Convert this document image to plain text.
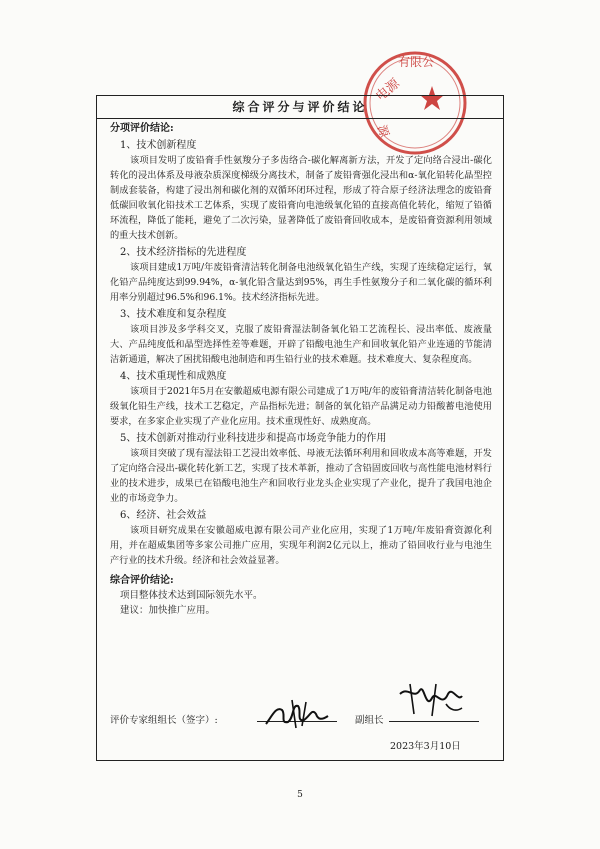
电源
有限公
源
综合评分与评价结论

分项评价结论:

1、技术创新程度

该项目发明了废铅膏手性氨羧分子多齿络合-碳化解离新方法，开发了定向络合浸出-碳化转化的浸出体系及母液杂质深度梯级分离技术，制备了废铅膏强化浸出和α-氧化铅转化晶型控制成套装备，构建了浸出剂和碳化剂的双循环闭环过程，形成了符合原子经济法理念的废铅膏低碳回收氧化铅技术工艺体系，实现了废铅膏向电池级氧化铅的直接高值化转化，缩短了铅循环流程，降低了能耗，避免了二次污染，显著降低了废铅膏回收成本，是废铅膏资源利用领域的重大技术创新。

2、技术经济指标的先进程度

该项目建成1万吨/年废铅膏清洁转化制备电池级氧化铅生产线，实现了连续稳定运行，氧化铅产品纯度达到99.94%，α-氧化铅含量达到95%，再生手性氨羧分子和二氧化碳的循环利用率分别超过96.5%和96.1%。技术经济指标先进。

3、技术难度和复杂程度

该项目涉及多学科交叉，克服了废铅膏湿法制备氧化铅工艺流程长、浸出率低、废液量大、产品纯度低和晶型选择性差等难题，开辟了铅酸电池生产和回收氧化铅产业连通的节能清洁新通道，解决了困扰铅酸电池制造和再生铅行业的技术难题。技术难度大、复杂程度高。

4、技术重现性和成熟度

该项目于2021年5月在安徽超威电源有限公司建成了1万吨/年的废铅膏清洁转化制备电池级氧化铅生产线，技术工艺稳定，产品指标先进；制备的氧化铅产品满足动力铅酸蓄电池使用要求，在多家企业实现了产业化应用。技术重现性好、成熟度高。

5、技术创新对推动行业科技进步和提高市场竞争能力的作用

该项目突破了现有湿法铅工艺浸出效率低、母液无法循环利用和回收成本高等难题，开发了定向络合浸出-碳化转化新工艺，实现了技术革新，推动了含铅固废回收与高性能电池材料行业的技术进步，成果已在铅酸电池生产和回收行业龙头企业实现了产业化，提升了我国电池企业的市场竞争力。

6、经济、社会效益

该项目研究成果在安徽超威电源有限公司产业化应用，实现了1万吨/年废铅膏资源化利用，并在超威集团等多家公司推广应用，实现年利润2亿元以上，推动了铅回收行业与电池生产行业的技术升级。经济和社会效益显著。

综合评价结论:

项目整体技术达到国际领先水平。

建议：加快推广应用。

评价专家组组长（签字）:	副组长
2023年3月10日
5
